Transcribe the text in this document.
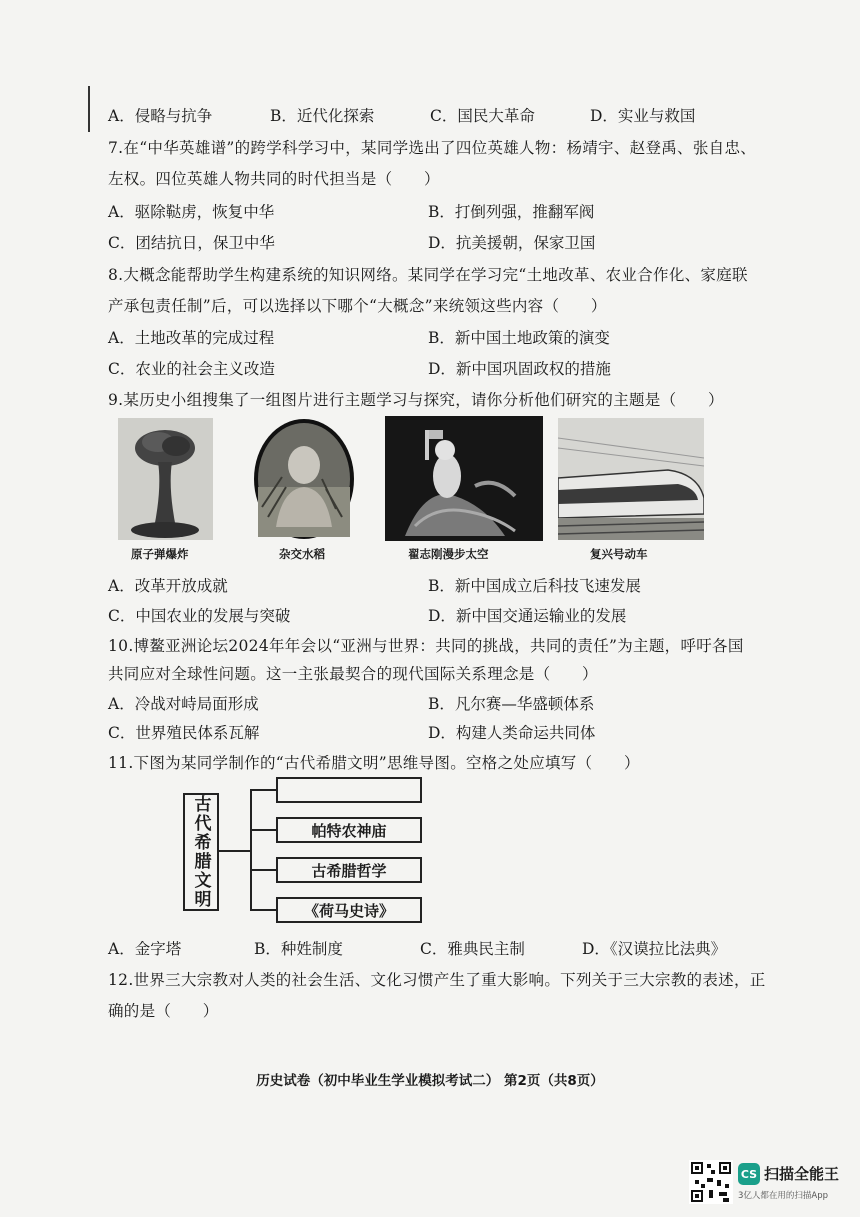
A．侵略与抗争	B．近代化探索	C．国民大革命	D．实业与救国
7.在“中华英雄谱”的跨学科学习中，某同学选出了四位英雄人物：杨靖宇、赵登禹、张自忠、
左权。四位英雄人物共同的时代担当是（　　）
A．驱除鞑虏，恢复中华	B．打倒列强，推翻军阀
C．团结抗日，保卫中华	D．抗美援朝，保家卫国
8.大概念能帮助学生构建系统的知识网络。某同学在学习完“土地改革、农业合作化、家庭联
产承包责任制”后，可以选择以下哪个“大概念”来统领这些内容（　　）
A．土地改革的完成过程	B．新中国土地政策的演变
C．农业的社会主义改造	D．新中国巩固政权的措施
9.某历史小组搜集了一组图片进行主题学习与探究，请你分析他们研究的主题是（　　）
原子弹爆炸	杂交水稻	翟志刚漫步太空	复兴号动车
A．改革开放成就	B．新中国成立后科技飞速发展
C．中国农业的发展与突破	D．新中国交通运输业的发展
10.博鳌亚洲论坛2024年年会以“亚洲与世界：共同的挑战，共同的责任”为主题，呼吁各国
共同应对全球性问题。这一主张最契合的现代国际关系理念是（　　）
A．冷战对峙局面形成	B．凡尔赛—华盛顿体系
C．世界殖民体系瓦解	D．构建人类命运共同体
11.下图为某同学制作的“古代希腊文明”思维导图。空格之处应填写（　　）
古代希腊文明	帕特农神庙
古希腊哲学
《荷马史诗》
A．金字塔	B．种姓制度	C．雅典民主制	D．《汉谟拉比法典》
12.世界三大宗教对人类的社会生活、文化习惯产生了重大影响。下列关于三大宗教的表述，正
确的是（　　）
历史试卷（初中毕业生学业模拟考试二） 第2页（共8页）
CS 扫描全能王
3亿人都在用的扫描App
